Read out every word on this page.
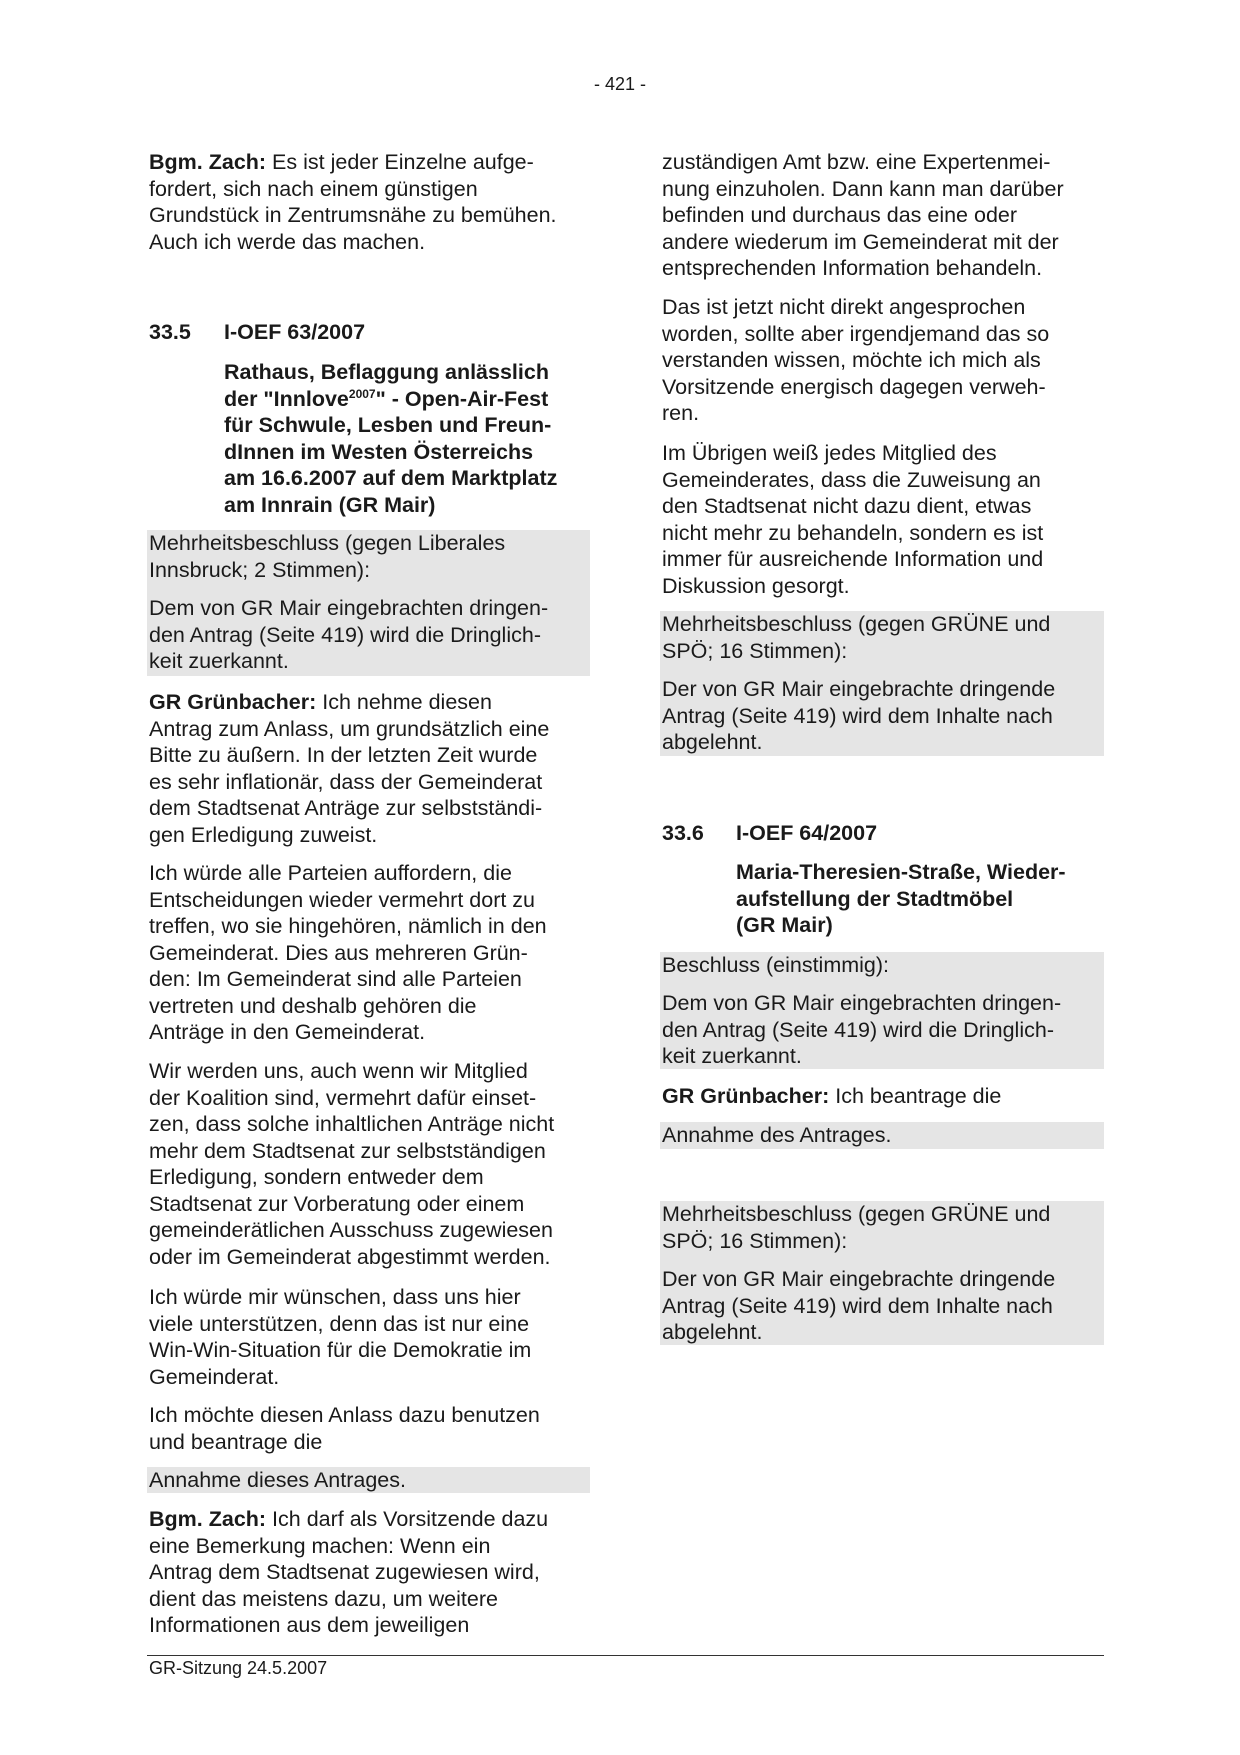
- 421 -
Bgm. Zach: Es ist jeder Einzelne aufge-
fordert, sich nach einem günstigen
Grundstück in Zentrumsnähe zu bemühen.
Auch ich werde das machen.
33.5 I-OEF 63/2007
Rathaus, Beflaggung anlässlich
der "Innlove$^{2007}$" - Open-Air-Fest
für Schwule, Lesben und Freun-
dInnen im Westen Österreichs
am 16.6.2007 auf dem Marktplatz
am Innrain (GR Mair)
Mehrheitsbeschluss (gegen Liberales
Innsbruck; 2 Stimmen):
Dem von GR Mair eingebrachten dringen-
den Antrag (Seite 419) wird die Dringlich-
keit zuerkannt.
GR Grünbacher: Ich nehme diesen
Antrag zum Anlass, um grundsätzlich eine
Bitte zu äußern. In der letzten Zeit wurde
es sehr inflationär, dass der Gemeinderat
dem Stadtsenat Anträge zur selbstständi-
gen Erledigung zuweist.
Ich würde alle Parteien auffordern, die
Entscheidungen wieder vermehrt dort zu
treffen, wo sie hingehören, nämlich in den
Gemeinderat. Dies aus mehreren Grün-
den: Im Gemeinderat sind alle Parteien
vertreten und deshalb gehören die
Anträge in den Gemeinderat.
Wir werden uns, auch wenn wir Mitglied
der Koalition sind, vermehrt dafür einset-
zen, dass solche inhaltlichen Anträge nicht
mehr dem Stadtsenat zur selbstständigen
Erledigung, sondern entweder dem
Stadtsenat zur Vorberatung oder einem
gemeinderätlichen Ausschuss zugewiesen
oder im Gemeinderat abgestimmt werden.
Ich würde mir wünschen, dass uns hier
viele unterstützen, denn das ist nur eine
Win-Win-Situation für die Demokratie im
Gemeinderat.
Ich möchte diesen Anlass dazu benutzen
und beantrage die
Annahme dieses Antrages.
Bgm. Zach: Ich darf als Vorsitzende dazu
eine Bemerkung machen: Wenn ein
Antrag dem Stadtsenat zugewiesen wird,
dient das meistens dazu, um weitere
Informationen aus dem jeweiligen
zuständigen Amt bzw. eine Expertenmei-
nung einzuholen. Dann kann man darüber
befinden und durchaus das eine oder
andere wiederum im Gemeinderat mit der
entsprechenden Information behandeln.
Das ist jetzt nicht direkt angesprochen
worden, sollte aber irgendjemand das so
verstanden wissen, möchte ich mich als
Vorsitzende energisch dagegen verweh-
ren.
Im Übrigen weiß jedes Mitglied des
Gemeinderates, dass die Zuweisung an
den Stadtsenat nicht dazu dient, etwas
nicht mehr zu behandeln, sondern es ist
immer für ausreichende Information und
Diskussion gesorgt.
Mehrheitsbeschluss (gegen GRÜNE und
SPÖ; 16 Stimmen):
Der von GR Mair eingebrachte dringende
Antrag (Seite 419) wird dem Inhalte nach
abgelehnt.
33.6 I-OEF 64/2007
Maria-Theresien-Straße, Wieder-
aufstellung der Stadtmöbel
(GR Mair)
Beschluss (einstimmig):
Dem von GR Mair eingebrachten dringen-
den Antrag (Seite 419) wird die Dringlich-
keit zuerkannt.
GR Grünbacher: Ich beantrage die
Annahme des Antrages.
Mehrheitsbeschluss (gegen GRÜNE und
SPÖ; 16 Stimmen):
Der von GR Mair eingebrachte dringende
Antrag (Seite 419) wird dem Inhalte nach
abgelehnt.
GR-Sitzung 24.5.2007
